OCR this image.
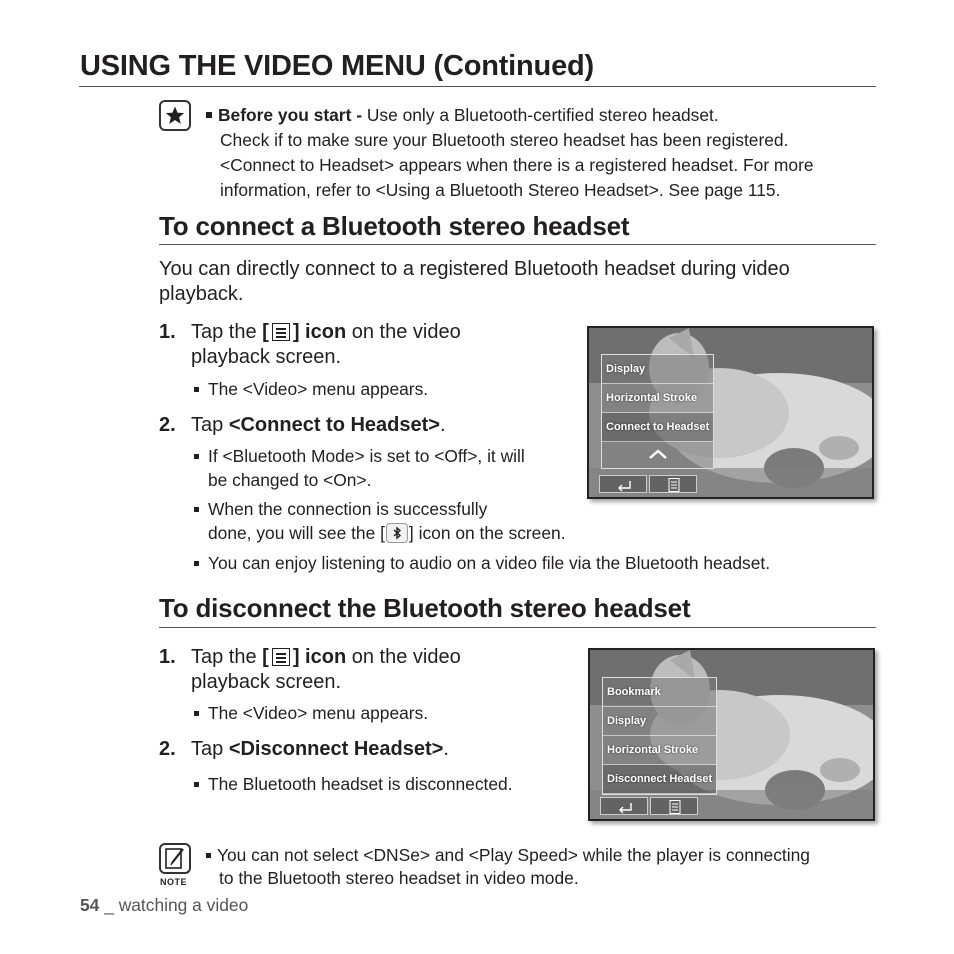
USING THE VIDEO MENU (Continued)
Before you start - Use only a Bluetooth-certified stereo headset.
Check if to make sure your Bluetooth stereo headset has been registered.
<Connect to Headset> appears when there is a registered headset. For more
information, refer to <Using a Bluetooth Stereo Headset>. See page 115.
To connect a Bluetooth stereo headset
You can directly connect to a registered Bluetooth headset during video playback.
1. Tap the [ ] icon on the video
playback screen.
The <Video> menu appears.
2. Tap <Connect to Headset>.
If <Bluetooth Mode> is set to <Off>, it will
be changed to <On>.
When the connection is successfully
done, you will see the [ ] icon on the screen.
You can enjoy listening to audio on a video file via the Bluetooth headset.
Display
Horizontal Stroke
Connect to Headset
To disconnect the Bluetooth stereo headset
1. Tap the [ ] icon on the video
playback screen.
The <Video> menu appears.
2. Tap <Disconnect Headset>.
The Bluetooth headset is disconnected.
Bookmark
Display
Horizontal Stroke
Disconnect Headset
NOTE
You can not select <DNSe> and <Play Speed> while the player is connecting
to the Bluetooth stereo headset in video mode.
54 _ watching a video
